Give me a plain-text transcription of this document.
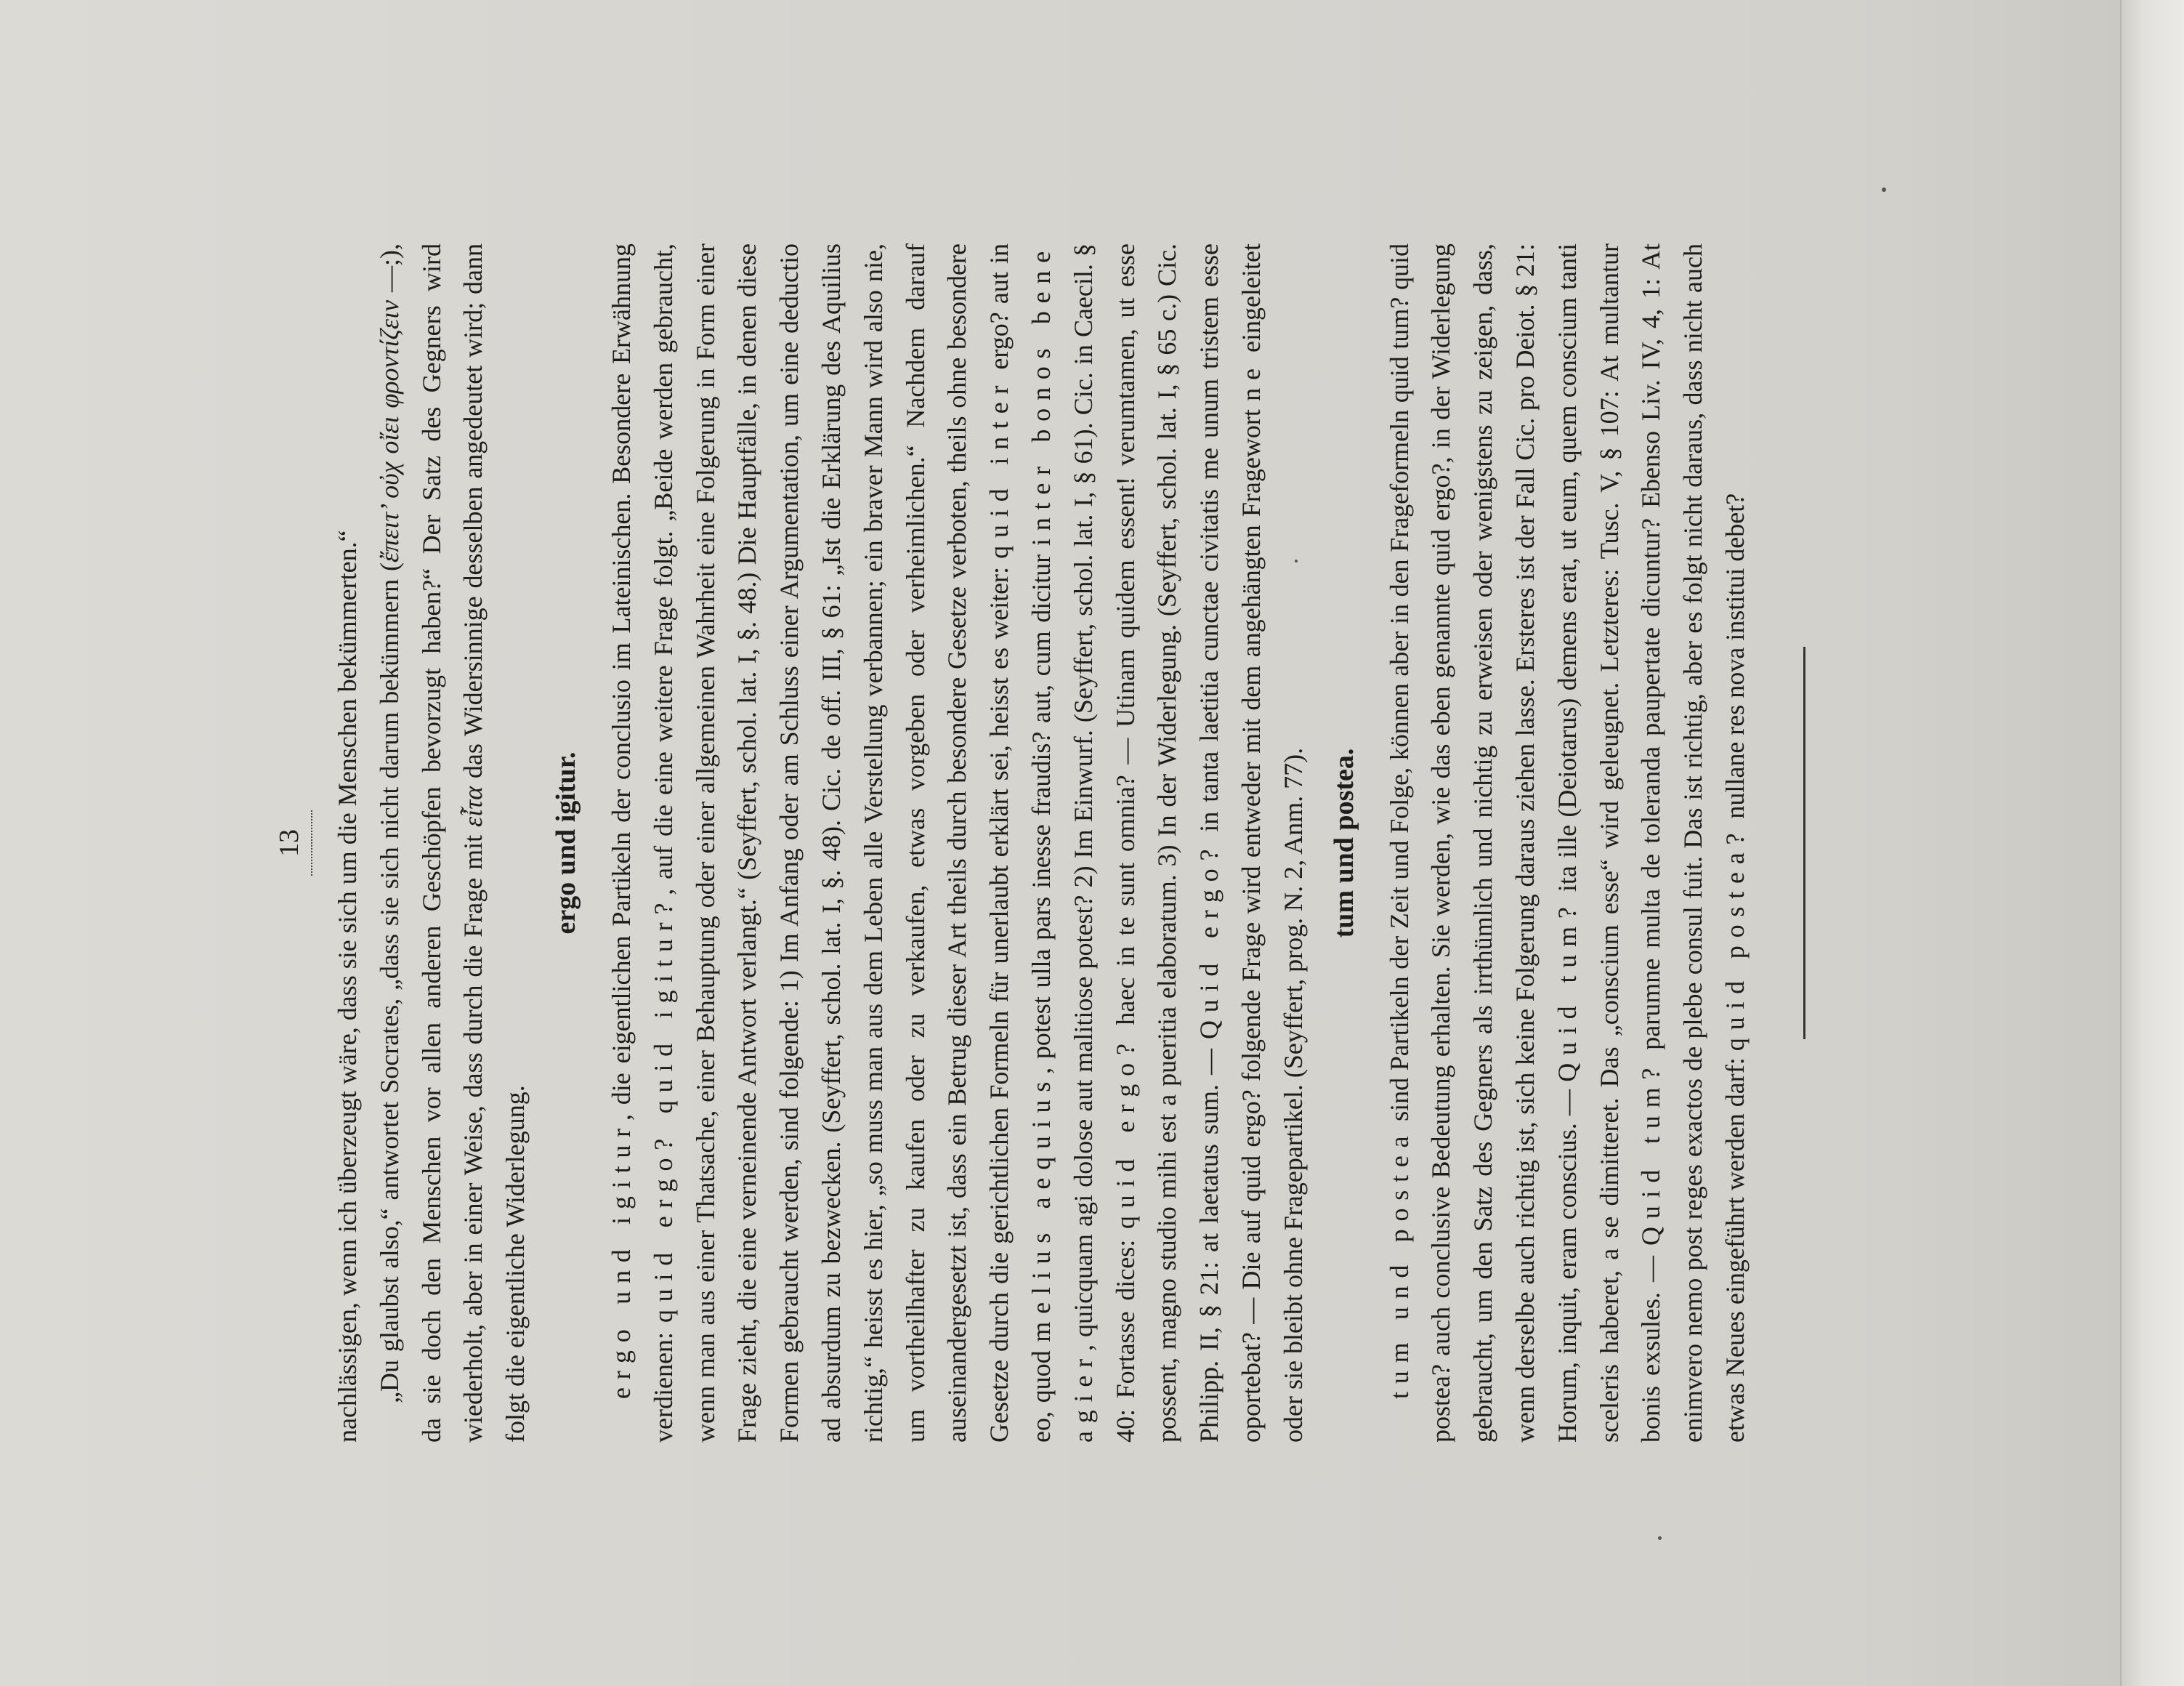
13 nachlässigen, wenn ich überzeugt wäre, dass sie sich um die Menschen bekümmerten.“
   „Du glaubst also,“ antwortet Socrates, „dass sie sich nicht darum bekümmern (ἔπειτ’ οὐχ οἴει φροντίζειν —;), da sie doch den Menschen vor allen anderen Geschöpfen bevorzugt haben?“ Der Satz des Gegners wird wiederholt, aber in einer Weise, dass durch die Frage mit εἶτα das Widersinnige desselben angedeutet wird; dann folgt die eigentliche Widerlegung.

ergo und igitur.

ergo und igitur, die eigentlichen Partikeln der conclusio im Lateinischen. Besondere Erwähnung verdienen: quid ergo? quid igitur?, auf die eine weitere Frage folgt. „Beide werden gebraucht, wenn man aus einer Thatsache, einer Behauptung oder einer allgemeinen Wahrheit eine Folgerung in Form einer Frage zieht, die eine verneinende Antwort verlangt.“ (Seyffert, schol. lat. I, §. 48.) Die Hauptfälle, in denen diese Formen gebraucht werden, sind folgende: 1) Im Anfang oder am Schluss einer Argumentation, um eine deductio ad absurdum zu bezwecken. (Seyffert, schol. lat. I, §. 48). Cic. de off. III, § 61: „Ist die Erklärung des Aquilius richtig,“ heisst es hier, „so muss man aus dem Leben alle Verstellung verbannen; ein braver Mann wird also nie, um vortheilhafter zu kaufen oder zu verkaufen, etwas vorgeben oder verheimlichen.“ Nachdem darauf auseinandergesetzt ist, dass ein Betrug dieser Art theils durch besondere Gesetze verboten, theils ohne besondere Gesetze durch die gerichtlichen Formeln für unerlaubt erklärt sei, heisst es weiter: quid inter ergo? aut in eo, quod melius aequius, potest ulla pars inesse fraudis? aut, cum dicitur inter bonos bene agier, quicquam agi dolose aut malitiose potest? 2) Im Einwurf. (Seyffert, schol. lat. I, § 61). Cic. in Caecil. § 40: Fortasse dices: quid ergo? haec in te sunt omnia? — Utinam quidem essent! verumtamen, ut esse possent, magno studio mihi est a pueritia elaboratum. 3) In der Widerlegung. (Seyffert, schol. lat. I, § 65 c.) Cic. Philipp. II, § 21: at laetatus sum. — Quid ergo? in tanta laetitia cunctae civitatis me unum tristem esse oportebat? — Die auf quid ergo? folgende Frage wird entweder mit dem angehängten Fragewort ne eingeleitet oder sie bleibt ohne Fragepartikel. (Seyffert, prog. N. 2, Anm. 77). tum und postea.

tum und postea sind Partikeln der Zeit und Folge, können aber in den Frageformeln quid tum? quid postea? auch conclusive Bedeutung erhalten. Sie werden, wie das eben genannte quid ergo?, in der Widerlegung gebraucht, um den Satz des Gegners als irrthümlich und nichtig zu erweisen oder wenigstens zu zeigen, dass, wenn derselbe auch richtig ist, sich keine Folgerung daraus ziehen lasse. Ersteres ist der Fall Cic. pro Deiot. § 21: Horum, inquit, eram conscius. — Quid tum? ita ille (Deiotarus) demens erat, ut eum, quem conscium tanti sceleris haberet, a se dimitteret. Das „conscium esse“ wird geleugnet. Letzteres: Tusc. V, § 107: At multantur bonis exsules. — Quid tum? parumne multa de toleranda paupertate dicuntur? Ebenso Liv. IV, 4, 1: At enimvero nemo post reges exactos de plebe consul fuit. Das ist richtig, aber es folgt nicht daraus, dass nicht auch etwas Neues eingeführt werden darf: quid postea? nullane res nova institui debet?
